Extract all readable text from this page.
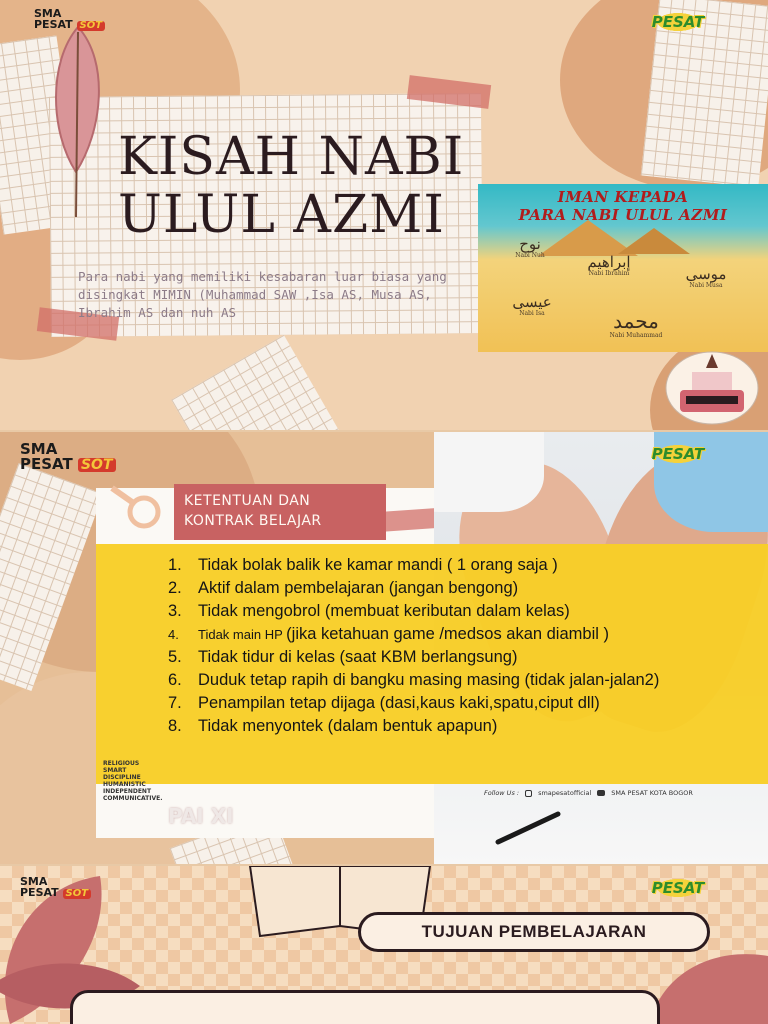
SMA
PESAT SOT	PESAT
KISAH NABI
ULUL AZMI
Para nabi yang memiliki kesabaran luar biasa yang disingkat MIMIN (Muhammad SAW ,Isa AS, Musa AS, Ibrahim AS dan nuh AS
IMAN KEPADA
PARA NABI ULUL AZMI
نوح
Nabi Nuh	إبراهيم
Nabi Ibrahim	موسى
Nabi Musa
عيسى
Nabi Isa	محمد
Nabi Muhammad
SMA
PESAT SOT
PESAT
KETENTUAN DAN
KONTRAK BELAJAR
1. Tidak bolak balik ke kamar mandi ( 1 orang saja )
2. Aktif dalam pembelajaran (jangan bengong)
3. Tidak mengobrol (membuat keributan dalam kelas)
4.	Tidak main HP (jika ketahuan game /medsos akan diambil )
5. Tidak tidur di kelas (saat KBM berlangsung)
6. Duduk tetap rapih di bangku masing masing (tidak jalan-jalan2)
7. Penampilan tetap dijaga (dasi,kaus kaki,spatu,ciput dll)
8. Tidak menyontek (dalam bentuk apapun)
RELIGIOUS
SMART
DISCIPLINE
HUMANISTIC
INDEPENDENT
COMMUNICATIVE.
PAI XI
Follow Us :	smapesatofficial	SMA PESAT KOTA BOGOR
SMA
PESAT SOT	PESAT
TUJUAN PEMBELAJARAN
